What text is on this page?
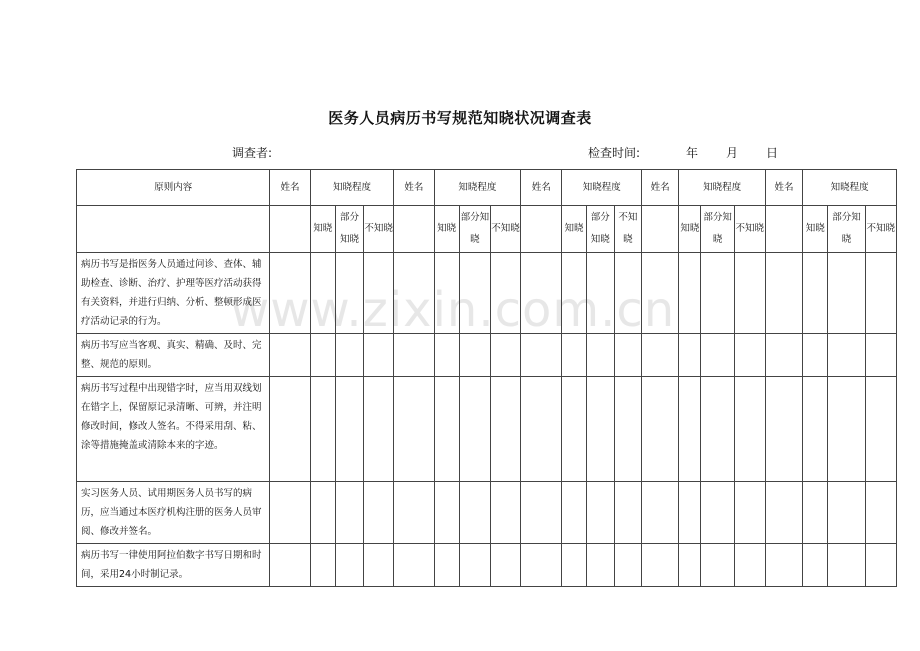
医务人员病历书写规范知晓状况调查表
调查者:	检查时间:	年 月 日
www.zixin.com.cn
原则内容	姓名	知晓程度			姓名	知晓程度			姓名	知晓程度			姓名	知晓程度			姓名	知晓程度		
		知晓	部分知晓	不知晓		知晓	部分知晓	不知晓		知晓	部分知晓	不知晓		知晓	部分知晓	不知晓		知晓	部分知晓	不知晓
病历书写是指医务人员通过问诊、查体、辅助检查、诊断、治疗、护理等医疗活动获得有关资料，并进行归纳、分析、整顿形成医疗活动记录的行为。																				
病历书写应当客观、真实、精确、及时、完整、规范的原则。																				
病历书写过程中出现错字时，应当用双线划在错字上，保留原记录清晰、可辨，并注明修改时间，修改人签名。不得采用刮、粘、涂等措施掩盖或清除本来的字迹。																				
实习医务人员、试用期医务人员书写的病历，应当通过本医疗机构注册的医务人员审阅、修改并签名。																				
病历书写一律使用阿拉伯数字书写日期和时间，采用24小时制记录。																				
